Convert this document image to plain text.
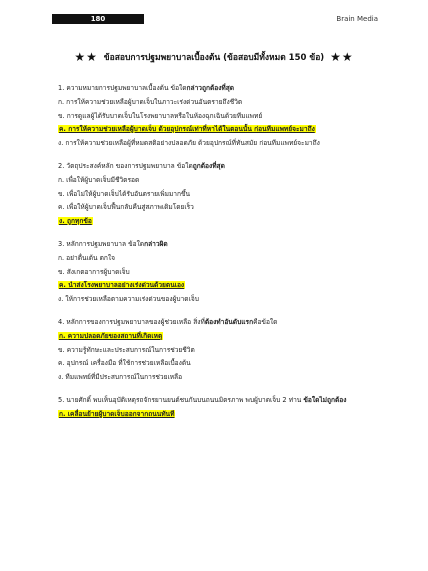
180	Brain Media
★★ ข้อสอบการปฐมพยาบาลเบื้องต้น (ข้อสอบมีทั้งหมด 150 ข้อ) ★★
1. ความหมายการปฐมพยาบาลเบื้องต้น ข้อใดกล่าวถูกต้องที่สุด
ก. การให้ความช่วยเหลือผู้บาดเจ็บในภาวะเร่งด่วนอันตรายถึงชีวิต
ข. การดูแลผู้ได้รับบาดเจ็บในโรงพยาบาลหรือในห้องฉุกเฉินด้วยทีมแพทย์
ค. การให้ความช่วยเหลือผู้บาดเจ็บ ด้วยอุปกรณ์เท่าที่หาได้ในตอนนั้น ก่อนทีมแพทย์จะมาถึง
ง. การให้ความช่วยเหลือผู้ที่หมดสติอย่างปลอดภัย ด้วยอุปกรณ์ที่ทันสมัย ก่อนทีมแพทย์จะมาถึง
2. วัตถุประสงค์หลัก ของการปฐมพยาบาล ข้อใดถูกต้องที่สุด
ก. เพื่อให้ผู้บาดเจ็บมีชีวิตรอด
ข. เพื่อไม่ให้ผู้บาดเจ็บได้รับอันตรายเพิ่มมากขึ้น
ค. เพื่อให้ผู้บาดเจ็บฟื้นกลับคืนสู่สภาพเดิมโดยเร็ว
ง. ถูกทุกข้อ
3. หลักการปฐมพยาบาล ข้อใดกล่าวผิด
ก. อย่าตื่นเต้น ตกใจ
ข. สังเกตอาการผู้บาดเจ็บ
ค. นำส่งโรงพยาบาลอย่างเร่งด่วนด้วยตนเอง
ง. ให้การช่วยเหลือตามความเร่งด่วนของผู้บาดเจ็บ
4. หลักการของการปฐมพยาบาลของผู้ช่วยเหลือ สิ่งที่ต้องทำอันดับแรกคือข้อใด
ก. ความปลอดภัยของสถานที่เกิดเหตุ
ข. ความรู้ทักษะและประสบการณ์ในการช่วยชีวิต
ค. อุปกรณ์ เครื่องมือ ที่ใช้การช่วยเหลือเบื้องต้น
ง. ทีมแพทย์ที่มีประสบการณ์ในการช่วยเหลือ
5. นายศักดิ์ พบเห็นอุบัติเหตุรถจักรยานยนต์ชนกันบนถนนมิตรภาพ พบผู้บาดเจ็บ 2 ท่าน ข้อใดไม่ถูกต้อง
ก. เคลื่อนย้ายผู้บาดเจ็บออกจากถนนทันที
